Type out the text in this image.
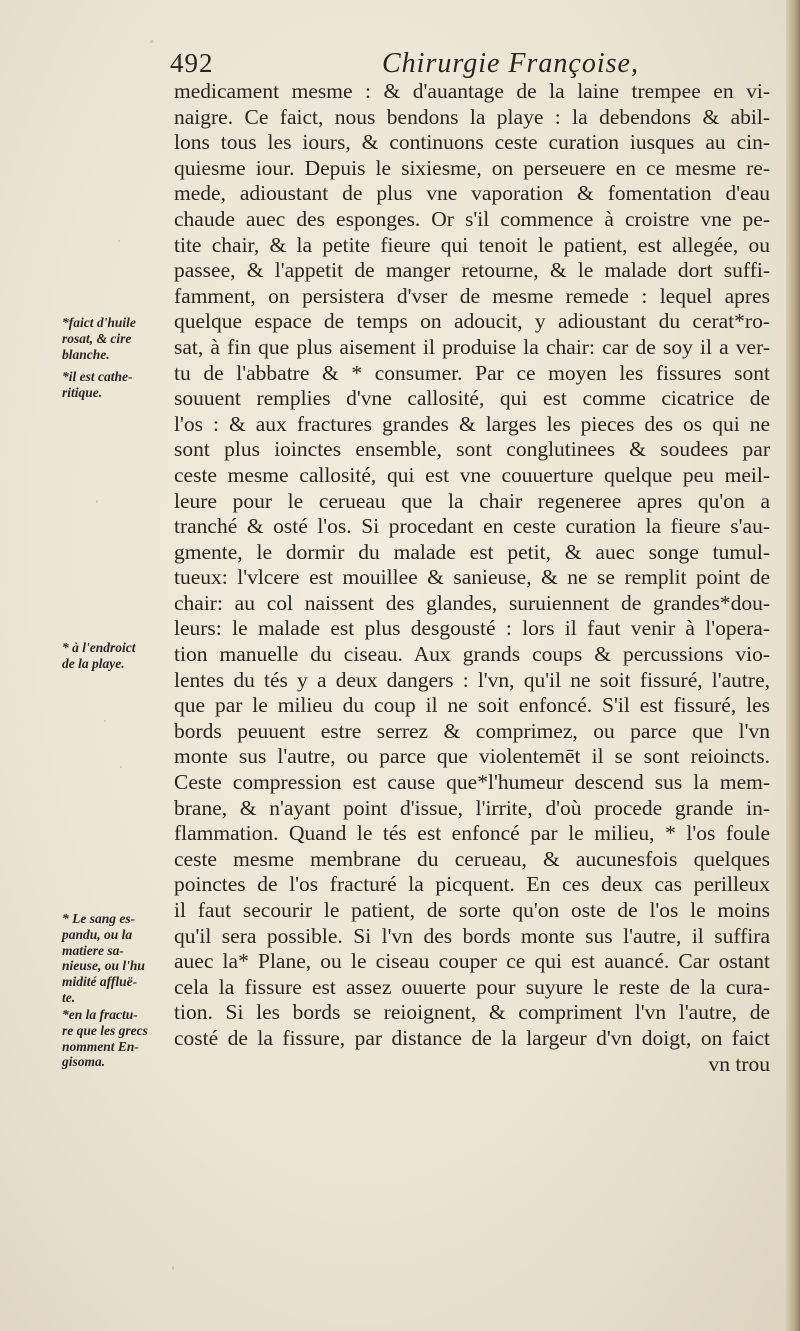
492	Chirurgie Françoise,
*faict d'huile
rosat, & cire
blanche.
*il est cathe-
ritique.
* à l'endroict
de la playe.
* Le sang es-
pandu, ou la
matiere sa-
nieuse, ou l'hu
midité affluë-
te.
*en la fractu-
re que les grecs
nomment En-
gisoma.
medicament mesme : & d'auantage de la laine trempee en vi-
naigre. Ce faict, nous bendons la playe : la debendons & abil-
lons tous les iours, & continuons ceste curation iusques au cin-
quiesme iour. Depuis le sixiesme, on perseuere en ce mesme re-
mede, adioustant de plus vne vaporation & fomentation d'eau
chaude auec des esponges. Or s'il commence à croistre vne pe-
tite chair, & la petite fieure qui tenoit le patient, est allegée, ou
passee, & l'appetit de manger retourne, & le malade dort suffi-
famment, on persistera d'vser de mesme remede : lequel apres
quelque espace de temps on adoucit, y adioustant du cerat*ro-
sat, à fin que plus aisement il produise la chair: car de soy il a ver-
tu de l'abbatre & * consumer. Par ce moyen les fissures sont
souuent remplies d'vne callosité, qui est comme cicatrice de
l'os : & aux fractures grandes & larges les pieces des os qui ne
sont plus ioinctes ensemble, sont conglutinees & soudees par
ceste mesme callosité, qui est vne couuerture quelque peu meil-
leure pour le cerueau que la chair regeneree apres qu'on a
tranché & osté l'os. Si procedant en ceste curation la fieure s'au-
gmente, le dormir du malade est petit, & auec songe tumul-
tueux: l'vlcere est mouillee & sanieuse, & ne se remplit point de
chair: au col naissent des glandes, suruiennent de grandes*dou-
leurs: le malade est plus desgousté : lors il faut venir à l'opera-
tion manuelle du ciseau. Aux grands coups & percussions vio-
lentes du tés y a deux dangers : l'vn, qu'il ne soit fissuré, l'autre,
que par le milieu du coup il ne soit enfoncé. S'il est fissuré, les
bords peuuent estre serrez & comprimez, ou parce que l'vn
monte sus l'autre, ou parce que violentemēt il se sont reioincts.
Ceste compression est cause que*l'humeur descend sus la mem-
brane, & n'ayant point d'issue, l'irrite, d'où procede grande in-
flammation. Quand le tés est enfoncé par le milieu, * l'os foule
ceste mesme membrane du cerueau, & aucunesfois quelques
poinctes de l'os fracturé la picquent. En ces deux cas perilleux
il faut secourir le patient, de sorte qu'on oste de l'os le moins
qu'il sera possible. Si l'vn des bords monte sus l'autre, il suffira
auec la* Plane, ou le ciseau couper ce qui est auancé. Car ostant
cela la fissure est assez ouuerte pour suyure le reste de la cura-
tion. Si les bords se reioignent, & compriment l'vn l'autre, de
costé de la fissure, par distance de la largeur d'vn doigt, on faict
vn trou
